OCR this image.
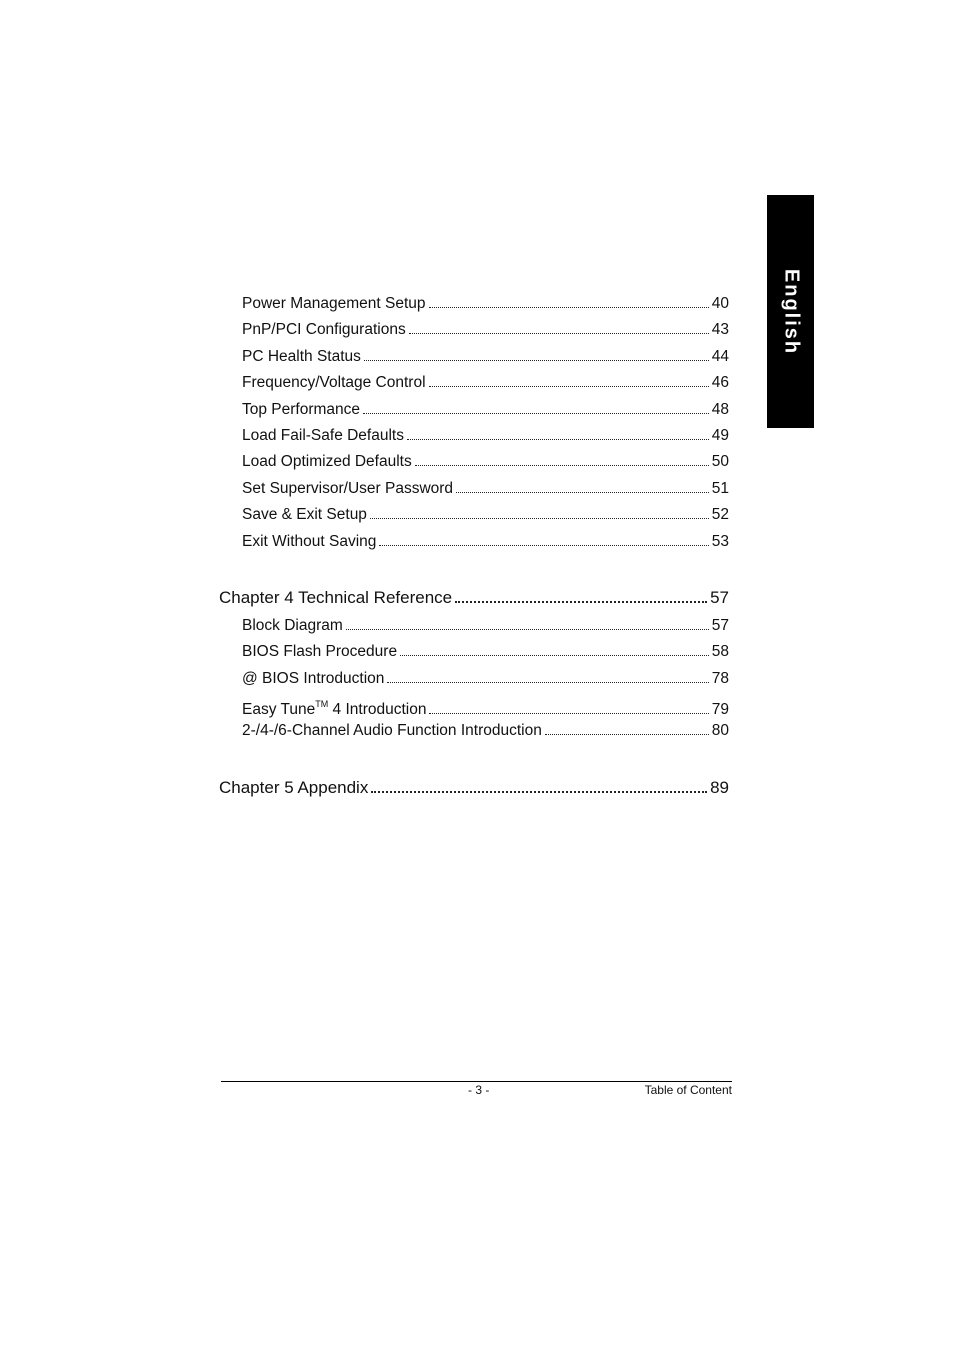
English
Power Management Setup	40
PnP/PCI Configurations	43
PC Health Status	44
Frequency/Voltage Control	46
Top Performance	48
Load Fail-Safe Defaults	49
Load Optimized Defaults	50
Set Supervisor/User Password	51
Save & Exit Setup	52
Exit Without Saving	53
Chapter 4 Technical Reference	57
Block Diagram	57
BIOS Flash Procedure	58
@ BIOS Introduction	78
Easy Tune™ 4 Introduction	79
2-/4-/6-Channel Audio Function Introduction	80
Chapter 5 Appendix	89
- 3 -	Table of Content
